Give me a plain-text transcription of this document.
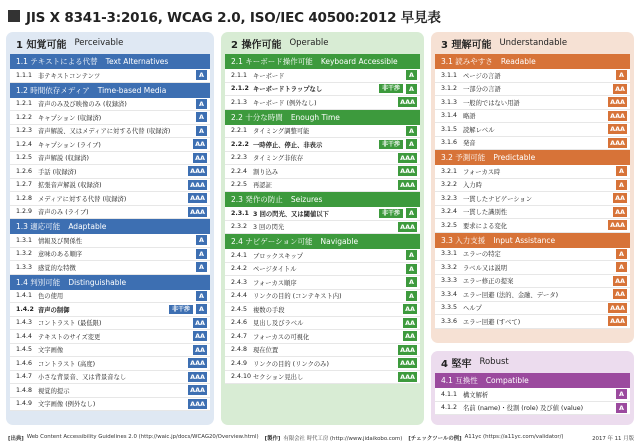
JIS X 8341-3:2016, WCAG 2.0, ISO/IEC 40500:2012 早見表
1 知覚可能 Perceivable
1.1 テキストによる代替 Text Alternatives
1.1.1 非テキストコンテンツ	A
1.2 時間依存メディア Time-based Media
1.2.1 音声のみ及び映像のみ (収録済)	A
1.2.2 キャプション (収録済)	A
1.2.3 音声解説、又はメディアに対する代替 (収録済)	A
1.2.4 キャプション (ライブ)	AA
1.2.5 音声解説 (収録済)	AA
1.2.6 手話 (収録済)	AAA
1.2.7 拡張音声解説 (収録済)	AAA
1.2.8 メディアに対する代替 (収録済)	AAA
1.2.9 音声のみ (ライブ)	AAA
1.3 適応可能 Adaptable
1.3.1 情報及び関係性	A
1.3.2 意味のある順序	A
1.3.3 感覚的な特徴	A
1.4 判別可能 Distinguishable
1.4.1 色の使用	A
1.4.2 音声の制御	非干渉	A
1.4.3 コントラスト (最低限)	AA
1.4.4 テキストのサイズ変更	AA
1.4.5 文字画像	AA
1.4.6 コントラスト (高度)	AAA
1.4.7 小さな背景音、又は背景音なし	AAA
1.4.8 視覚的提示	AAA
1.4.9 文字画像 (例外なし)	AAA
2 操作可能 Operable
2.1 キーボード操作可能 Keyboard Accessible
2.1.1 キーボード	A
2.1.2 キーボードトラップなし	非干渉	A
2.1.3 キーボード (例外なし)	AAA
2.2 十分な時間 Enough Time
2.2.1 タイミング調整可能	A
2.2.2 一時停止、停止、非表示	非干渉	A
2.2.3 タイミング非依存	AAA
2.2.4 割り込み	AAA
2.2.5 再認証	AAA
2.3 発作の防止 Seizures
2.3.1 3 回の閃光、又は閾値以下	非干渉	A
2.3.2 3 回の閃光	AAA
2.4 ナビゲーション可能 Navigable
2.4.1 ブロックスキップ	A
2.4.2 ページタイトル	A
2.4.3 フォーカス順序	A
2.4.4 リンクの目的 (コンテキスト内)	A
2.4.5 複数の手段	AA
2.4.6 見出し及びラベル	AA
2.4.7 フォーカスの可視化	AA
2.4.8 現在位置	AAA
2.4.9 リンクの目的 (リンクのみ)	AAA
2.4.10 セクション見出し	AAA
3 理解可能 Understandable
3.1 読みやすさ Readable
3.1.1 ページの言語	A
3.1.2 一部分の言語	AA
3.1.3 一般的ではない用語	AAA
3.1.4 略語	AAA
3.1.5 読解レベル	AAA
3.1.6 発音	AAA
3.2 予測可能 Predictable
3.2.1 フォーカス時	A
3.2.2 入力時	A
3.2.3 一貫したナビゲーション	AA
3.2.4 一貫した識別性	AA
3.2.5 要求による変化	AAA
3.3 入力支援 Input Assistance
3.3.1 エラーの特定	A
3.3.2 ラベル又は説明	A
3.3.3 エラー修正の提案	AA
3.3.4 エラー回避 (法的、金融、データ)	AA
3.3.5 ヘルプ	AAA
3.3.6 エラー回避 (すべて)	AAA
4 堅牢 Robust
4.1 互換性 Compatible
4.1.1 構文解析	A
4.1.2 名前 (name)・役割 (role) 及び値 (value)	A
[出典] Web Content Accessibility Guidelines 2.0 (http://waic.jp/docs/WCAG20/Overview.html) [製作] 有限会社 時代工房 (http://www.jidaikobo.com) [チェックツールの例] A11yc (https://a11yc.com/validator/)	2017 年 11 月版
